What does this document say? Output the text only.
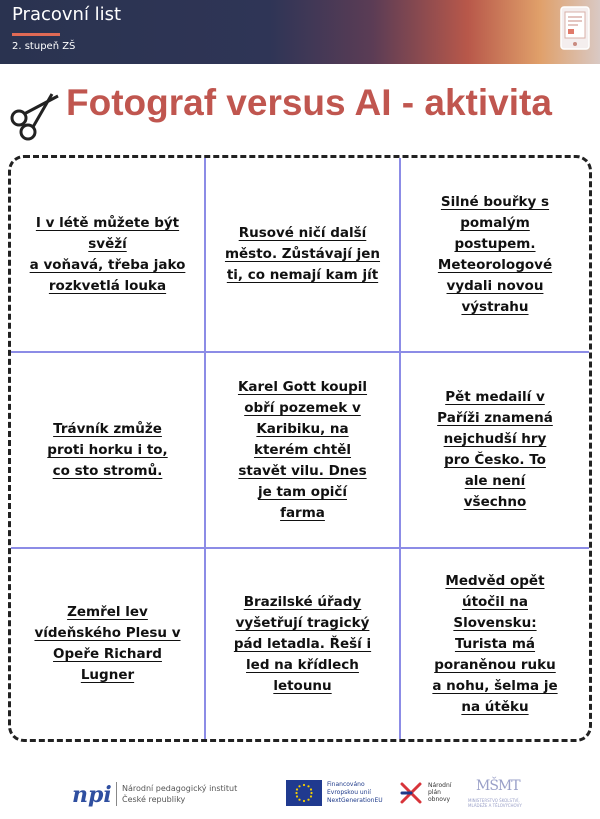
Pracovní list
2. stupeň ZŠ
Fotograf versus AI - aktivita
I v létě můžete být svěží
a voňavá, třeba jako
rozkvetlá louka
Rusové ničí další
město. Zůstávají jen
ti, co nemají kam jít
Silné bouřky s
pomalým
postupem.
Meteorologové
vydali novou
výstrahu
Trávník zmůže
proti horku i to,
co sto stromů.
Karel Gott koupil
obří pozemek v
Karibiku, na
kterém chtěl
stavět vilu. Dnes
je tam opičí
farma
Pět medailí v
Paříži znamená
nejchudší hry
pro Česko. To
ale není
všechno
Zemřel lev
vídeňského Plesu v
Opeře Richard
Lugner
Brazilské úřady
vyšetřují tragický
pád letadla. Řeší i
led na křídlech
letounu
Medvěd opět
útočil na
Slovensku:
Turista má
poraněnou ruku
a nohu, šelma je
na útěku
npi Národní pedagogický institut
České republiky
Financováno
Evropskou unií
NextGenerationEU
Národní
plán
obnovy
MŠMT
MINISTERSTVO ŠKOLSTVÍ,
MLÁDEŽE A TĚLOVÝCHOVY
